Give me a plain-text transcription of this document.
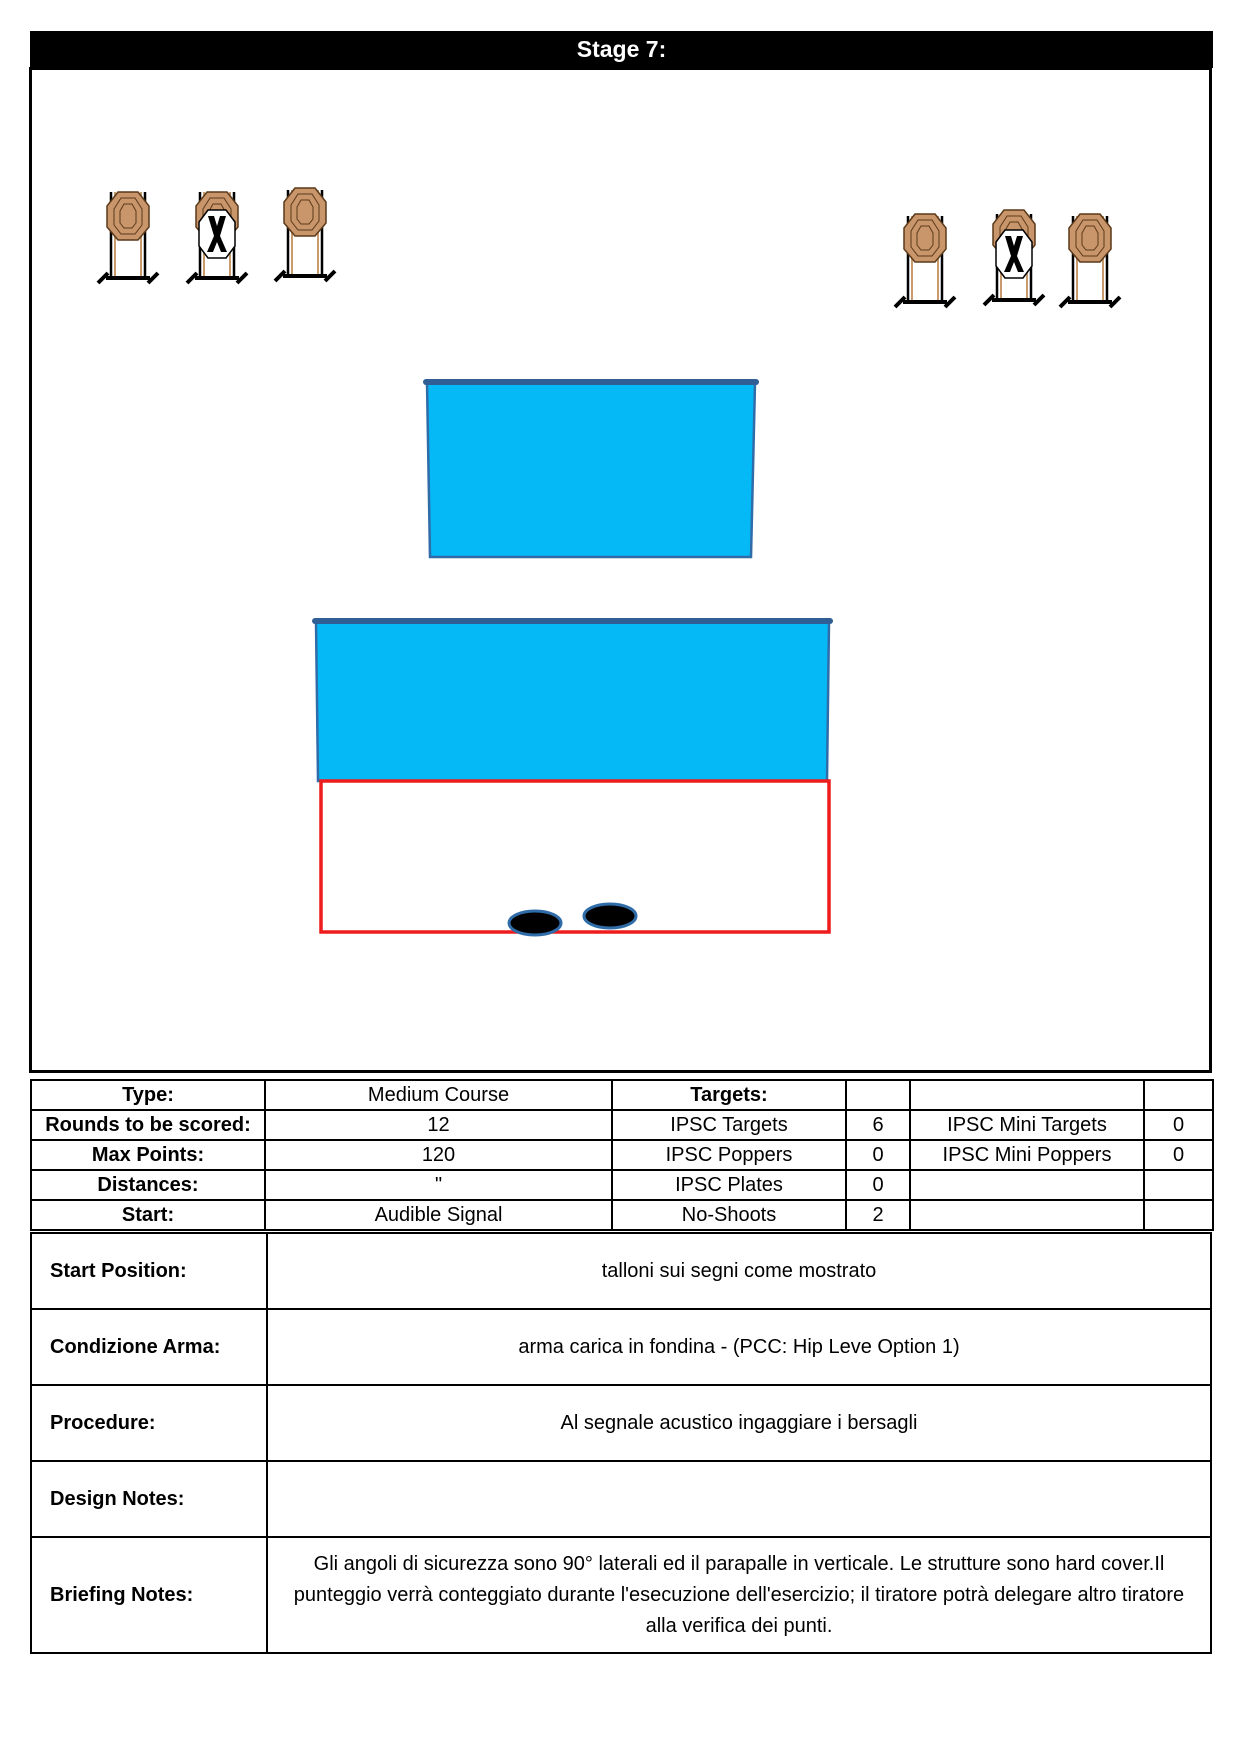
Stage 7:
Type:	Medium Course	Targets:			
Rounds to be scored:	12	IPSC Targets	6	IPSC Mini Targets	0
Max Points:	120	IPSC Poppers	0	IPSC Mini Poppers	0
Distances:	"	IPSC Plates	0		
Start:	Audible Signal	No-Shoots	2		
Start Position:	talloni sui segni come mostrato
Condizione Arma:	arma carica in fondina - (PCC: Hip Leve Option 1)
Procedure:	Al segnale acustico ingaggiare i bersagli
Design Notes:	
Briefing Notes:	Gli angoli di sicurezza sono 90° laterali ed il parapalle in verticale. Le strutture sono hard cover.Il punteggio verrà conteggiato durante l'esecuzione dell'esercizio; il tiratore potrà delegare altro tiratore alla verifica dei punti.
